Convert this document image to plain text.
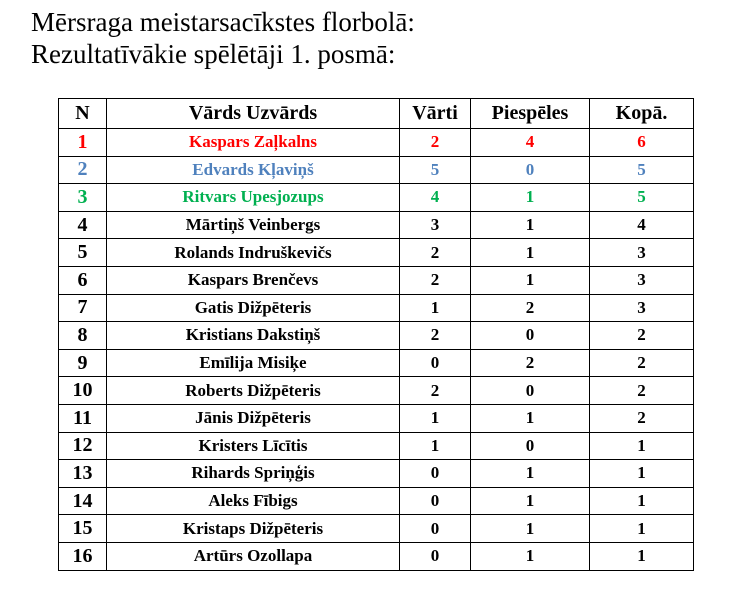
Mērsraga meistarsacīkstes florbolā:
Rezultatīvākie spēlētāji 1. posmā:
N	Vārds Uzvārds	Vārti	Piespēles	Kopā.
1	Kaspars Zaļkalns	2	4	6
2	Edvards Kļaviņš	5	0	5
3	Ritvars Upesjozups	4	1	5
4	Mārtiņš Veinbergs	3	1	4
5	Rolands Indruškevičs	2	1	3
6	Kaspars Brenčevs	2	1	3
7	Gatis Dižpēteris	1	2	3
8	Kristians Dakstiņš	2	0	2
9	Emīlija Misiķe	0	2	2
10	Roberts Dižpēteris	2	0	2
11	Jānis Dižpēteris	1	1	2
12	Kristers Līcītis	1	0	1
13	Rihards Spriņģis	0	1	1
14	Aleks Fībigs	0	1	1
15	Kristaps Dižpēteris	0	1	1
16	Artūrs Ozollapa	0	1	1
